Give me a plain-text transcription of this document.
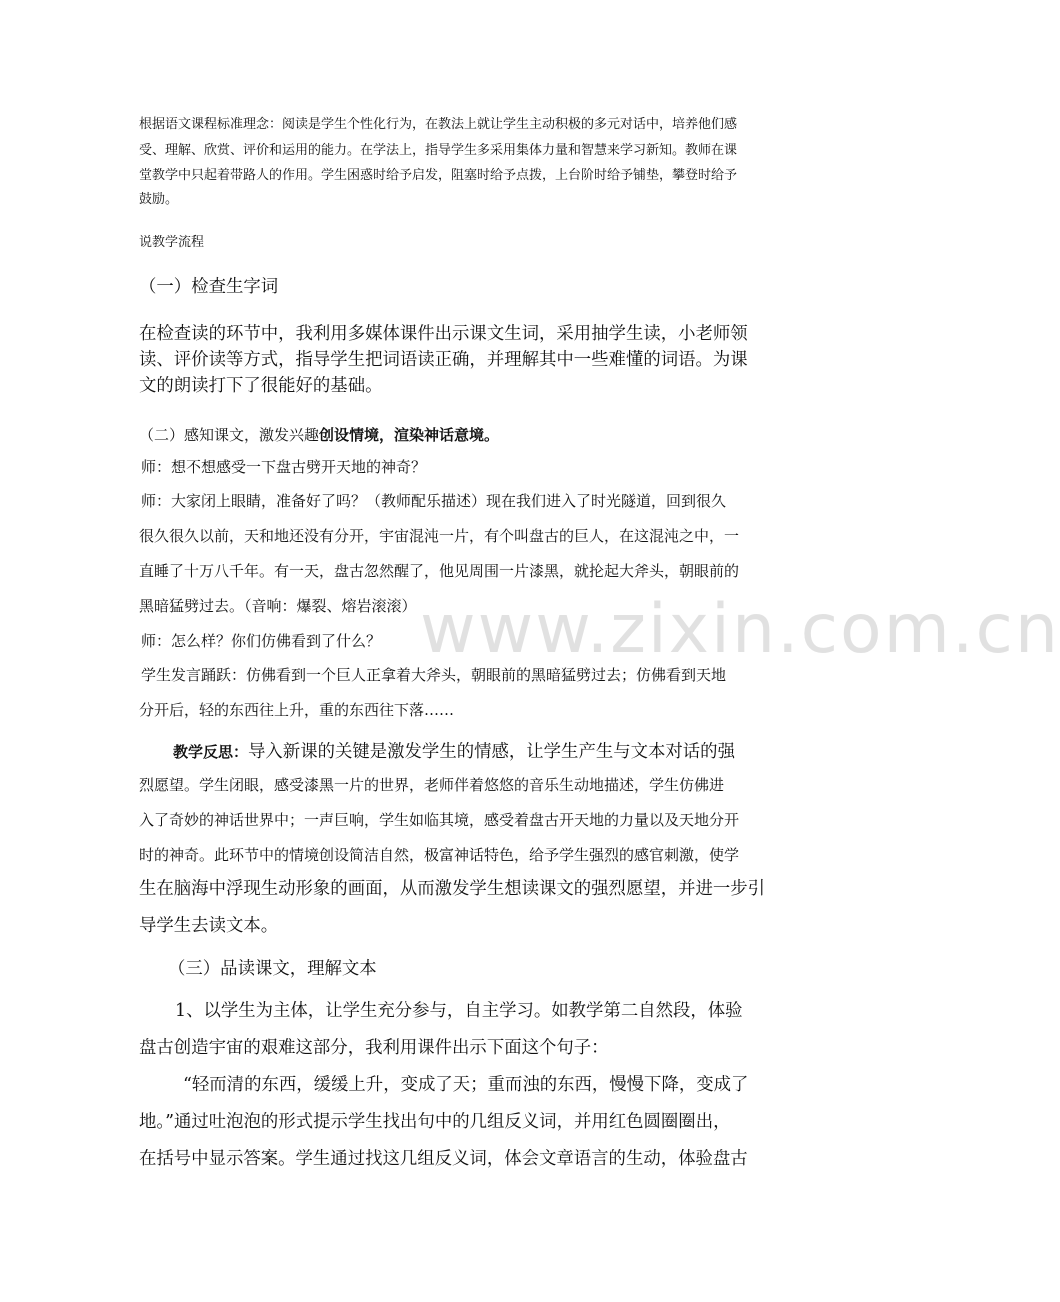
www.zixin.com.cn
根据语文课程标准理念：阅读是学生个性化行为，在教法上就让学生主动积极的多元对话中，培养他们感
受、理解、欣赏、评价和运用的能力。在学法上，指导学生多采用集体力量和智慧来学习新知。教师在课
堂教学中只起着带路人的作用。学生困惑时给予启发，阻塞时给予点拨，上台阶时给予铺垫，攀登时给予
鼓励。
说教学流程
（一）检查生字词
在检查读的环节中，我利用多媒体课件出示课文生词，采用抽学生读，小老师领
读、评价读等方式，指导学生把词语读正确，并理解其中一些难懂的词语。为课
文的朗读打下了很能好的基础。
（二）感知课文，激发兴趣创设情境，渲染神话意境。
师：想不想感受一下盘古劈开天地的神奇？
师：大家闭上眼睛，准备好了吗？（教师配乐描述）现在我们进入了时光隧道，回到很久
很久很久以前，天和地还没有分开，宇宙混沌一片，有个叫盘古的巨人，在这混沌之中，一
直睡了十万八千年。有一天，盘古忽然醒了，他见周围一片漆黑，就抡起大斧头，朝眼前的
黑暗猛劈过去。（音响：爆裂、熔岩滚滚）
师：怎么样？你们仿佛看到了什么？
学生发言踊跃：仿佛看到一个巨人正拿着大斧头，朝眼前的黑暗猛劈过去；仿佛看到天地
分开后，轻的东西往上升，重的东西往下落……
教学反思：导入新课的关键是激发学生的情感，让学生产生与文本对话的强
烈愿望。学生闭眼，感受漆黑一片的世界，老师伴着悠悠的音乐生动地描述，学生仿佛进
入了奇妙的神话世界中；一声巨响，学生如临其境，感受着盘古开天地的力量以及天地分开
时的神奇。此环节中的情境创设简洁自然，极富神话特色，给予学生强烈的感官刺激，使学
生在脑海中浮现生动形象的画面，从而激发学生想读课文的强烈愿望，并进一步引
导学生去读文本。
（三）品读课文，理解文本
1、以学生为主体，让学生充分参与，自主学习。如教学第二自然段，体验
盘古创造宇宙的艰难这部分，我利用课件出示下面这个句子：
“轻而清的东西，缓缓上升，变成了天；重而浊的东西，慢慢下降，变成了
地。”通过吐泡泡的形式提示学生找出句中的几组反义词，并用红色圆圈圈出，
在括号中显示答案。学生通过找这几组反义词，体会文章语言的生动，体验盘古
